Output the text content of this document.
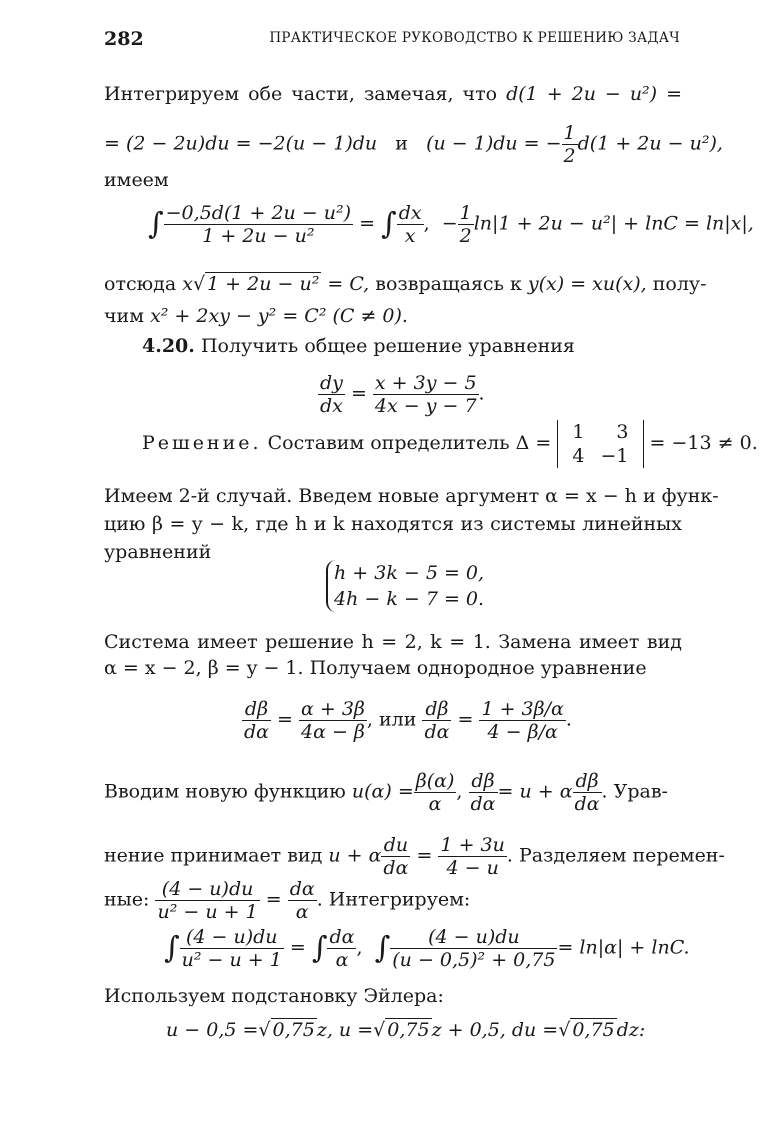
282	ПРАКТИЧЕСКОЕ РУКОВОДСТВО К РЕШЕНИЮ ЗАДАЧ
Интегрируем обе части, замечая, что d(1 + 2u − u²) =
= (2 − 2u)du = −2(u − 1)du и (u − 1)du = − $\frac{1}{2} d(1 + 2u - u^2)$,
имеем
∫ $\frac{\text{−0,5d(1 + 2u − u²)}}{\text{1 + 2u − u²}}$ = ∫ $\frac{dx}{x}$ , − $\frac{1}{2} \ln|1 + 2u - u^2| + \ln C = \ln|x|$,
отсюда x√ 1 + 2u − u² = C, возвращаясь к y(x) = xu(x), полу-
чим x² + 2xy − y² = C² (C ≠ 0).
4.20. Получить общее решение уравнения
$\frac{dy}{dx} = \frac{x + 3y - 5}{4x - y - 7}$ .
Решение. Составим определитель Δ = 1	3
4	−1
= −13 ≠ 0.
Имеем 2-й случай. Введем новые аргумент α = x − h и функ-
цию β = y − k, где h и k находятся из системы линейных
уравнений
h + 3k − 5 = 0,
4h − k − 7 = 0.
Система имеет решение h = 2, k = 1. Замена имеет вид
α = x − 2, β = y − 1. Получаем однородное уравнение
$\frac{d\beta}{d\alpha} = \frac{\alpha + 3\beta}{4\alpha - \beta}$ , или $\frac{d\beta}{d\alpha} = \frac{1 + 3\beta/\alpha}{4 - \beta/\alpha}$ .
Вводим новую функцию $u(\alpha) = \frac{\beta(\alpha)}{\alpha}$ , $\frac{d\beta}{d\alpha} = u + \alpha \frac{d\beta}{d\alpha}$ . Урав-
нение принимает вид u + α $\frac{du}{d\alpha} = \frac{1 + 3u}{4 - u}$ . Разделяем перемен-
ные: $\frac{(4 - u)du}{\text{u² − u + 1}} = \frac{d\alpha}{\alpha}$ . Интегрируем:
∫ $\frac{(4 - u)du}{\text{u² − u + 1}}$ = ∫ $\frac{d\alpha}{\alpha}$ , ∫ $\frac{(4 - u)du}{\text{(u − 0,5)² + 0,75}} = \ln|\alpha| + \ln C$.
Используем подстановку Эйлера:
u − 0,5 =√ 0,75 z, u =√ 0,75 z + 0,5, du =√ 0,75 dz:
